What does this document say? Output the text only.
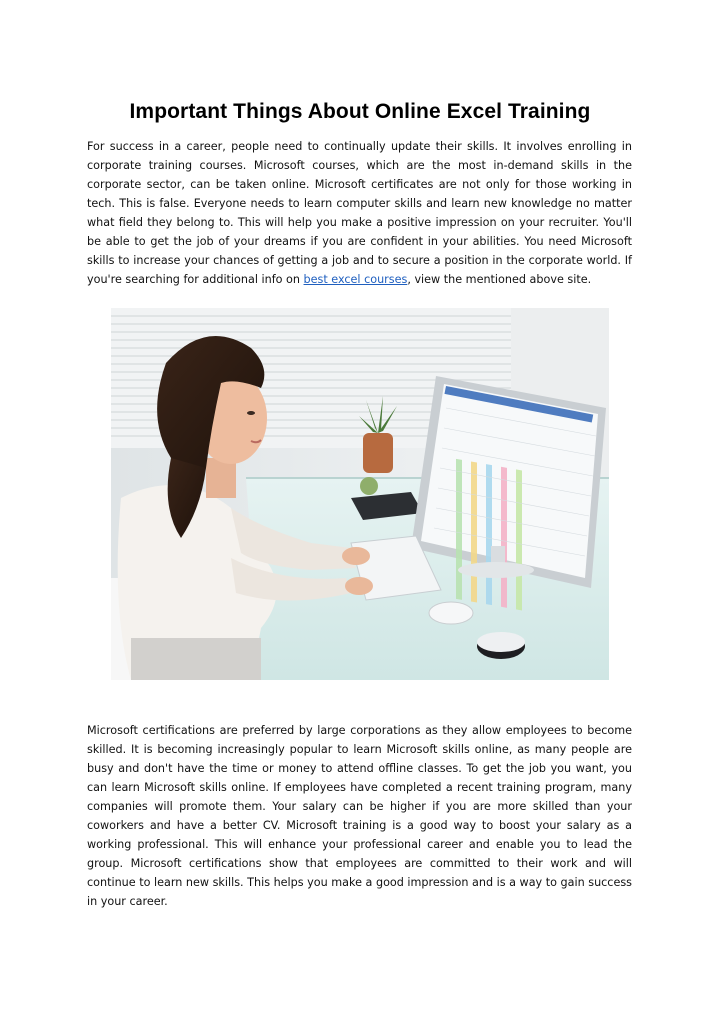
Important Things About Online Excel Training
For success in a career, people need to continually update their skills. It involves enrolling in corporate training courses. Microsoft courses, which are the most in-demand skills in the corporate sector, can be taken online. Microsoft certificates are not only for those working in tech. This is false. Everyone needs to learn computer skills and learn new knowledge no matter what field they belong to. This will help you make a positive impression on your recruiter. You'll be able to get the job of your dreams if you are confident in your abilities. You need Microsoft skills to increase your chances of getting a job and to secure a position in the corporate world. If you're searching for additional info on best excel courses, view the mentioned above site.
Microsoft certifications are preferred by large corporations as they allow employees to become skilled. It is becoming increasingly popular to learn Microsoft skills online, as many people are busy and don't have the time or money to attend offline classes. To get the job you want, you can learn Microsoft skills online. If employees have completed a recent training program, many companies will promote them. Your salary can be higher if you are more skilled than your coworkers and have a better CV. Microsoft training is a good way to boost your salary as a working professional. This will enhance your professional career and enable you to lead the group. Microsoft certifications show that employees are committed to their work and will continue to learn new skills. This helps you make a good impression and is a way to gain success in your career.
